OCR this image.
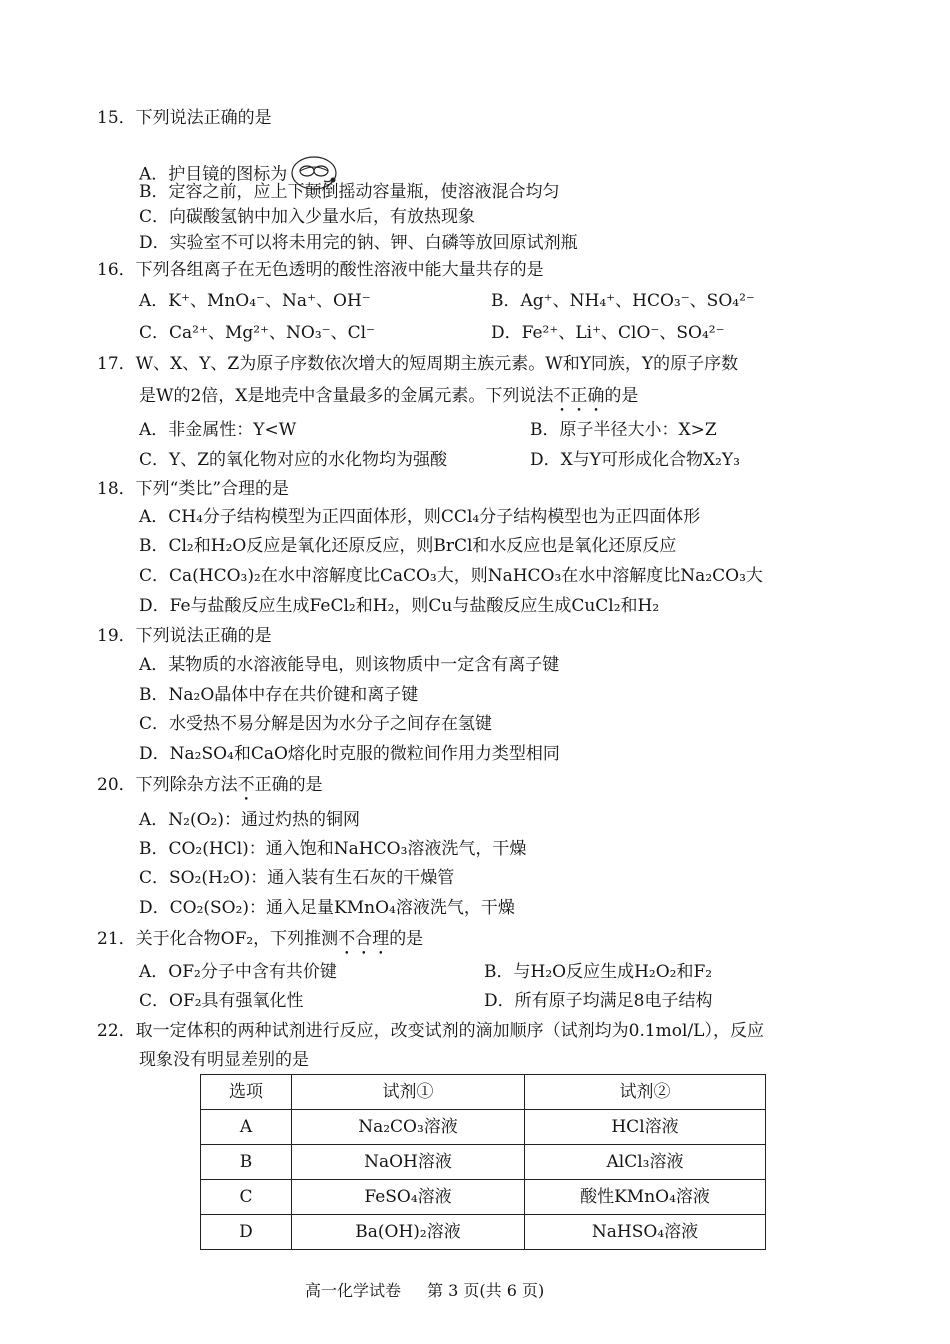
15．下列说法正确的是
A．护目镜的图标为
B．定容之前，应上下颠倒摇动容量瓶，使溶液混合均匀
C．向碳酸氢钠中加入少量水后，有放热现象
D．实验室不可以将未用完的钠、钾、白磷等放回原试剂瓶
16．下列各组离子在无色透明的酸性溶液中能大量共存的是
A．K⁺、MnO₄⁻、Na⁺、OH⁻	B．Ag⁺、NH₄⁺、HCO₃⁻、SO₄²⁻
C．Ca²⁺、Mg²⁺、NO₃⁻、Cl⁻	D．Fe²⁺、Li⁺、ClO⁻、SO₄²⁻
17．W、X、Y、Z为原子序数依次增大的短周期主族元素。W和Y同族，Y的原子序数
是W的2倍，X是地壳中含量最多的金属元素。下列说法不正确的是
A．非金属性：Y<W	B．原子半径大小：X>Z
C．Y、Z的氧化物对应的水化物均为强酸	D．X与Y可形成化合物X₂Y₃
18．下列“类比”合理的是
A．CH₄分子结构模型为正四面体形，则CCl₄分子结构模型也为正四面体形
B．Cl₂和H₂O反应是氧化还原反应，则BrCl和水反应也是氧化还原反应
C．Ca(HCO₃)₂在水中溶解度比CaCO₃大，则NaHCO₃在水中溶解度比Na₂CO₃大
D．Fe与盐酸反应生成FeCl₂和H₂，则Cu与盐酸反应生成CuCl₂和H₂
19．下列说法正确的是
A．某物质的水溶液能导电，则该物质中一定含有离子键
B．Na₂O晶体中存在共价键和离子键
C．水受热不易分解是因为水分子之间存在氢键
D．Na₂SO₄和CaO熔化时克服的微粒间作用力类型相同
20．下列除杂方法不正确的是
A．N₂(O₂)：通过灼热的铜网
B．CO₂(HCl)：通入饱和NaHCO₃溶液洗气，干燥
C．SO₂(H₂O)：通入装有生石灰的干燥管
D．CO₂(SO₂)：通入足量KMnO₄溶液洗气，干燥
21．关于化合物OF₂，下列推测不合理的是
A．OF₂分子中含有共价键	B．与H₂O反应生成H₂O₂和F₂
C．OF₂具有强氧化性	D．所有原子均满足8电子结构
22．取一定体积的两种试剂进行反应，改变试剂的滴加顺序（试剂均为0.1mol/L），反应
现象没有明显差别的是
选项	试剂①	试剂②
A	Na₂CO₃溶液	HCl溶液
B	NaOH溶液	AlCl₃溶液
C	FeSO₄溶液	酸性KMnO₄溶液
D	Ba(OH)₂溶液	NaHSO₄溶液
高一化学试卷 第 3 页(共 6 页)
